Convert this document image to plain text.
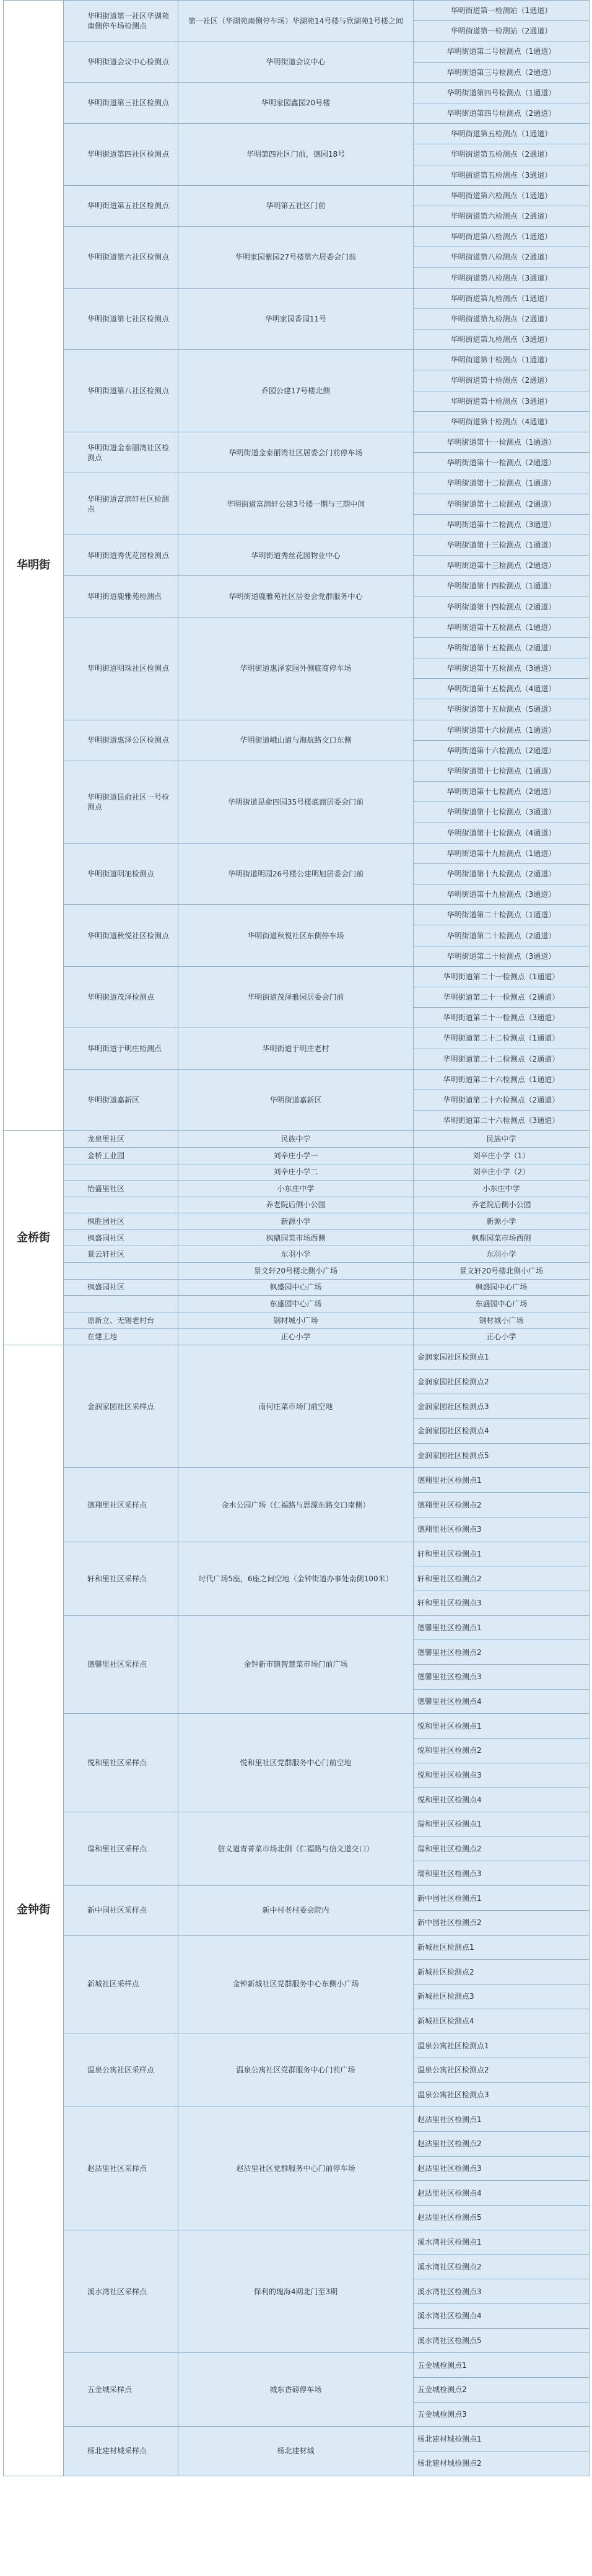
华明街	华明街道第一社区华湖苑南侧停车场检测点	第一社区（华湖苑南侧停车场）华湖苑14号楼与欣湖苑1号楼之间	华明街道第一检测站（1通道）
			华明街道第一检测站（2通道）
	华明街道会议中心检测点	华明街道会议中心	华明街道第二号检测点（1通道）
			华明街道第三号检测点（2通道）
	华明街道第三社区检测点	华明家园鑫园20号楼	华明街道第四号检测点（1通道）
			华明街道第四号检测点（2通道）
	华明街道第四社区检测点	华明第四社区门前，德园18号	华明街道第五检测点（1通道）
			华明街道第五检测点（2通道）
			华明街道第五检测点（3通道）
	华明街道第五社区检测点	华明第五社区门前	华明街道第六检测点（1通道）
			华明街道第六检测点（2通道）
	华明街道第六社区检测点	华明家园紫园27号楼第六居委会门前	华明街道第八检测点（1通道）
			华明街道第八检测点（2通道）
			华明街道第八检测点（3通道）
	华明街道第七社区检测点	华明家园香园11号	华明街道第九检测点（1通道）
			华明街道第九检测点（2通道）
			华明街道第九检测点（3通道）
	华明街道第八社区检测点	乔园公建17号楼北侧	华明街道第十检测点（1通道）
			华明街道第十检测点（2通道）
			华明街道第十检测点（3通道）
			华明街道第十检测点（4通道）
	华明街道金泰丽湾社区检测点	华明街道金泰丽湾社区居委会门前停车场	华明街道第十一检测点（1通道）
			华明街道第十一检测点（2通道）
	华明街道富润轩社区检测点	华明街道富润轩公建3号楼一期与三期中间	华明街道第十二检测点（1通道）
			华明街道第十二检测点（2通道）
			华明街道第十二检测点（3通道）
	华明街道秀优花园检测点	华明街道秀丝花园物业中心	华明街道第十三检测点（1通道）
			华明街道第十三检测点（2通道）
	华明街道鹿雅苑检测点	华明街道鹿雅苑社区居委会党群服务中心	华明街道第十四检测点（1通道）
			华明街道第十四检测点（2通道）
	华明街道明珠社区检测点	华明街道惠泽家园外侧底商停车场	华明街道第十五检测点（1通道）
			华明街道第十五检测点（2通道）
			华明街道第十五检测点（3通道）
			华明街道第十五检测点（4通道）
			华明街道第十五检测点（5通道）
	华明街道惠泽公区检测点	华明街道峨山道与海航路交口东侧	华明街道第十六检测点（1通道）
			华明街道第十六检测点（2通道）
	华明街道昆俞社区一号检测点	华明街道昆俞四园35号楼底商居委会门前	华明街道第十七检测点（1通道）
			华明街道第十七检测点（2通道）
			华明街道第十七检测点（3通道）
			华明街道第十七检测点（4通道）
	华明街道明旭检测点	华明街道明园26号楼公建明旭居委会门前	华明街道第十九检测点（1通道）
			华明街道第十九检测点（2通道）
			华明街道第十九检测点（3通道）
	华明街道秋悦社区检测点	华明街道秋悦社区东侧停车场	华明街道第二十检测点（1通道）
			华明街道第二十检测点（2通道）
			华明街道第二十检测点（3通道）
	华明街道茂泽检测点	华明街道茂泽雅园居委会门前	华明街道第二十一检测点（1通道）
			华明街道第二十一检测点（2通道）
			华明街道第二十一检测点（3通道）
	华明街道于明庄检测点	华明街道于明庄老村	华明街道第二十二检测点（1通道）
			华明街道第二十二检测点（2通道）
	华明街道嘉新区	华明街道嘉新区	华明街道第二十六检测点（1通道）
			华明街道第二十六检测点（2通道）
			华明街道第二十六检测点（3通道）
金桥街	龙泉里社区	民族中学	民族中学
	金桥工业园	刘辛庄小学一	刘辛庄小学（1）
		刘辛庄小学二	刘辛庄小学（2）
	怡盛里社区	小东庄中学	小东庄中学
		养老院后侧小公园	养老院后侧小公园
	枫胜园社区	新源小学	新源小学
	枫盛园社区	枫鼎园菜市场西侧	枫鼎园菜市场西侧
	景云轩社区	东羽小学	东羽小学
		景文轩20号楼北侧小广场	景文轩20号楼北侧小广场
	枫盛园社区	枫盛园中心广场	枫盛园中心广场
		东盛园中心广场	东盛园中心广场
	原新立、无锡老村台	钢材城小广场	钢材城小广场
	在建工地	正心小学	正心小学
金钟街	金润家园社区采样点	南何庄菜市场门前空地	金润家园社区检测点1
			金润家园社区检测点2
			金润家园社区检测点3
			金润家园社区检测点4
			金润家园社区检测点5
	德翔里社区采样点	金水公园广场（仁福路与思源东路交口南侧）	德翔里社区检测点1
			德翔里社区检测点2
			德翔里社区检测点3
	轩和里社区采样点	时代广场5座，6座之间空地（金钟街道办事处南侧100米）	轩和里社区检测点1
			轩和里社区检测点2
			轩和里社区检测点3
	德馨里社区采样点	金钟新市镇智慧菜市场门前广场	德馨里社区检测点1
			德馨里社区检测点2
			德馨里社区检测点3
			德馨里社区检测点4
	悦和里社区采样点	悦和里社区党群服务中心门前空地	悦和里社区检测点1
			悦和里社区检测点2
			悦和里社区检测点3
			悦和里社区检测点4
	瑞和里社区采样点	信义道青菁菜市场北侧（仁福路与信义道交口）	瑞和里社区检测点1
			瑞和里社区检测点2
			瑞和里社区检测点3
	新中园社区采样点	新中村老村委会院内	新中园社区检测点1
			新中园社区检测点2
	新城社区采样点	金钟新城社区党群服务中心东侧小广场	新城社区检测点1
			新城社区检测点2
			新城社区检测点3
			新城社区检测点4
	温泉公寓社区采样点	温泉公寓社区党群服务中心门前广场	温泉公寓社区检测点1
			温泉公寓社区检测点2
			温泉公寓社区检测点3
	赵沽里社区采样点	赵沽里社区党群服务中心门前停车场	赵沽里社区检测点1
			赵沽里社区检测点2
			赵沽里社区检测点3
			赵沽里社区检测点4
			赵沽里社区检测点5
	溪水湾社区采样点	保利的瑰海4期北门至3期	溪水湾社区检测点1
			溪水湾社区检测点2
			溪水湾社区检测点3
			溪水湾社区检测点4
			溪水湾社区检测点5
	五金城采样点	城东香磅停车场	五金城检测点1
			五金城检测点2
			五金城检测点3
	杨北建材城采样点	杨北建材城	杨北建材城检测点1
			杨北建材城检测点2
